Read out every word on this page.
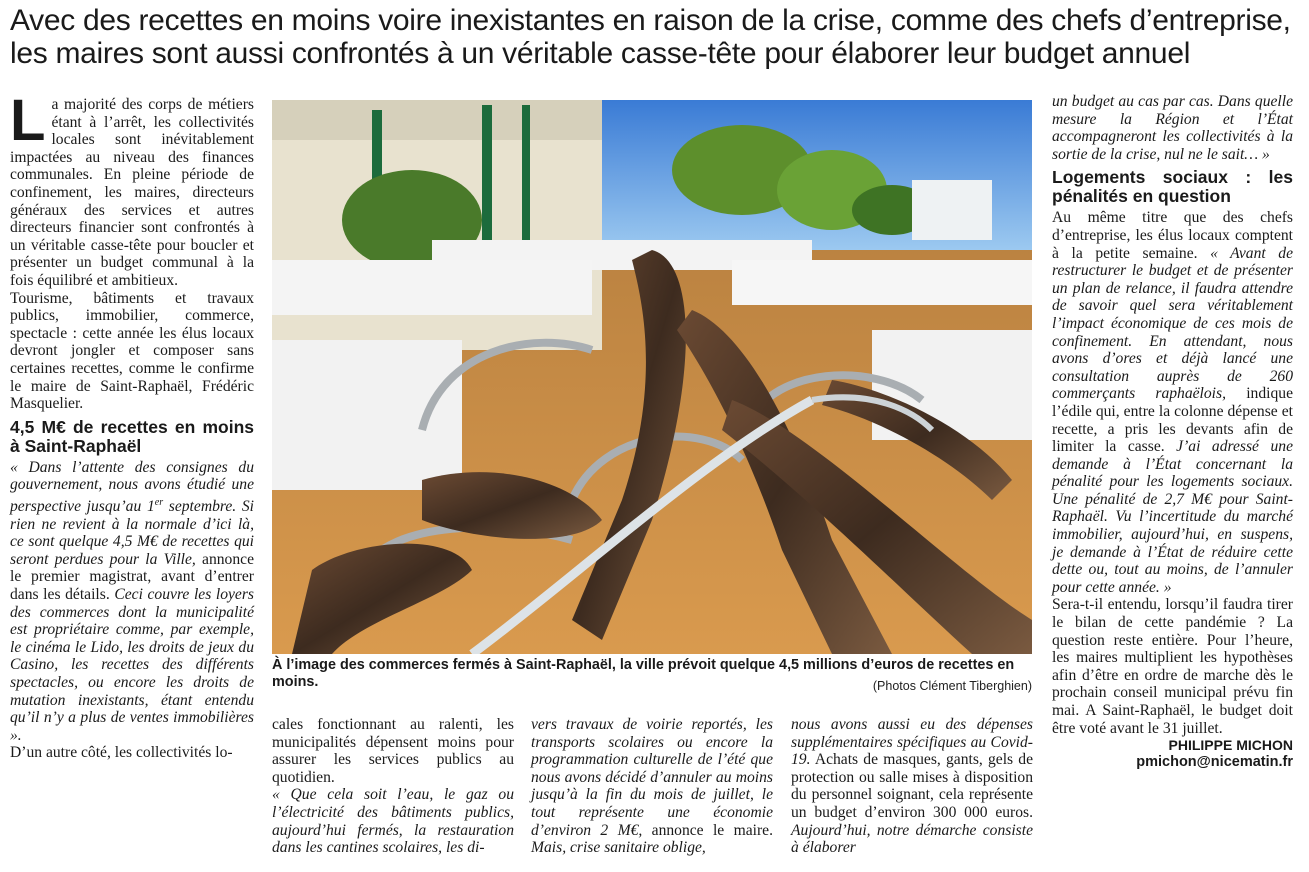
Avec des recettes en moins voire inexistantes en raison de la crise, comme des chefs d’entreprise,
les maires sont aussi confrontés à un véritable casse-tête pour élaborer leur budget annuel

La majorité des corps de métiers étant à l’arrêt, les collectivités locales sont inévitablement impactées au niveau des finances communales. En pleine période de confinement, les maires, directeurs généraux des services et autres directeurs financier sont confrontés à un véritable casse-tête pour boucler et présenter un budget communal à la fois équilibré et ambitieux.

Tourisme, bâtiments et travaux publics, immobilier, commerce, spectacle : cette année les élus locaux devront jongler et composer sans certaines recettes, comme le confirme le maire de Saint-Raphaël, Frédéric Masquelier.

4,5 M€ de recettes en moins à Saint-Raphaël

« Dans l’attente des consignes du gouvernement, nous avons étudié une perspective jusqu’au 1er septembre. Si rien ne revient à la normale d’ici là, ce sont quelque 4,5 M€ de recettes qui seront perdues pour la Ville, annonce le premier magistrat, avant d’entrer dans les détails. Ceci couvre les loyers des commerces dont la municipalité est propriétaire comme, par exemple, le cinéma le Lido, les droits de jeux du Casino, les recettes des différents spectacles, ou encore les droits de mutation inexistants, étant entendu qu’il n’y a plus de ventes immobilières ».

D’un autre côté, les collectivités lo-

À l’image des commerces fermés à Saint-Raphaël, la ville prévoit quelque 4,5 millions d’euros de recettes en moins.	(Photos Clément Tiberghien)

cales fonctionnant au ralenti, les municipalités dépensent moins pour assurer les services publics au quotidien.

« Que cela soit l’eau, le gaz ou l’électricité des bâtiments publics, aujourd’hui fermés, la restauration dans les cantines scolaires, les di-

vers travaux de voirie reportés, les transports scolaires ou encore la programmation culturelle de l’été que nous avons décidé d’annuler au moins jusqu’à la fin du mois de juillet, le tout représente une économie d’environ 2 M€, annonce le maire. Mais, crise sanitaire oblige,

nous avons aussi eu des dépenses supplémentaires spécifiques au Covid-19. Achats de masques, gants, gels de protection ou salle mises à disposition du personnel soignant, cela représente un budget d’environ 300 000 euros. Aujourd’hui, notre démarche consiste à élaborer

un budget au cas par cas. Dans quelle mesure la Région et l’État accompagneront les collectivités à la sortie de la crise, nul ne le sait… »

Logements sociaux : les pénalités en question

Au même titre que des chefs d’entreprise, les élus locaux comptent à la petite semaine. « Avant de restructurer le budget et de présenter un plan de relance, il faudra attendre de savoir quel sera véritablement l’impact économique de ces mois de confinement. En attendant, nous avons d’ores et déjà lancé une consultation auprès de 260 commerçants raphaëlois, indique l’édile qui, entre la colonne dépense et recette, a pris les devants afin de limiter la casse. J’ai adressé une demande à l’État concernant la pénalité pour les logements sociaux. Une pénalité de 2,7 M€ pour Saint-Raphaël. Vu l’incertitude du marché immobilier, aujourd’hui, en suspens, je demande à l’État de réduire cette dette ou, tout au moins, de l’annuler pour cette année. »

Sera-t-il entendu, lorsqu’il faudra tirer le bilan de cette pandémie ? La question reste entière. Pour l’heure, les maires multiplient les hypothèses afin d’être en ordre de marche dès le prochain conseil municipal prévu fin mai. A Saint-Raphaël, le budget doit être voté avant le 31 juillet.

PHILIPPE MICHON
pmichon@nicematin.fr
